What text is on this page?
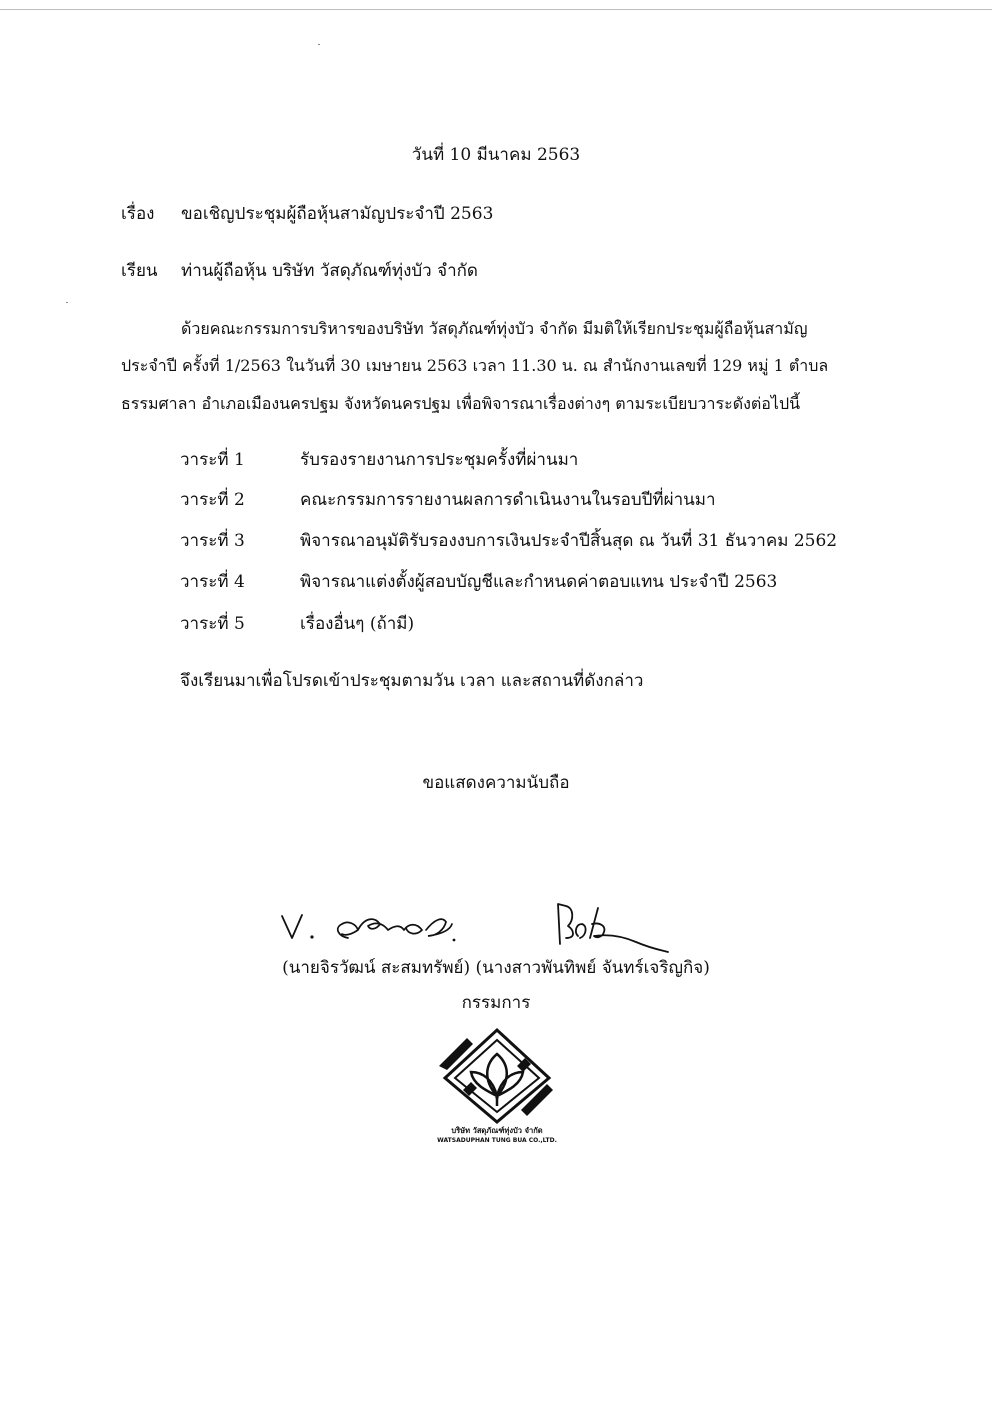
วันที่ 10 มีนาคม 2563
เรื่อง ขอเชิญประชุมผู้ถือหุ้นสามัญประจำปี 2563
เรียน ท่านผู้ถือหุ้น บริษัท วัสดุภัณฑ์ทุ่งบัว จำกัด
ด้วยคณะกรรมการบริหารของบริษัท วัสดุภัณฑ์ทุ่งบัว จำกัด มีมติให้เรียกประชุมผู้ถือหุ้นสามัญ
ประจำปี ครั้งที่ 1/2563 ในวันที่ 30 เมษายน 2563 เวลา 11.30 น. ณ สำนักงานเลขที่ 129 หมู่ 1 ตำบล
ธรรมศาลา อำเภอเมืองนครปฐม จังหวัดนครปฐม เพื่อพิจารณาเรื่องต่างๆ ตามระเบียบวาระดังต่อไปนี้
วาระที่ 1	รับรองรายงานการประชุมครั้งที่ผ่านมา
วาระที่ 2	คณะกรรมการรายงานผลการดำเนินงานในรอบปีที่ผ่านมา
วาระที่ 3	พิจารณาอนุมัติรับรองงบการเงินประจำปีสิ้นสุด ณ วันที่ 31 ธันวาคม 2562
วาระที่ 4	พิจารณาแต่งตั้งผู้สอบบัญชีและกำหนดค่าตอบแทน ประจำปี 2563
วาระที่ 5	เรื่องอื่นๆ (ถ้ามี)
จึงเรียนมาเพื่อโปรดเข้าประชุมตามวัน เวลา และสถานที่ดังกล่าว
ขอแสดงความนับถือ
(นายจิรวัฒน์ สะสมทรัพย์) (นางสาวพันทิพย์ จันทร์เจริญกิจ)
กรรมการ
บริษัท วัสดุภัณฑ์ทุ่งบัว จำกัด
WATSADUPHAN TUNG BUA CO.,LTD.
